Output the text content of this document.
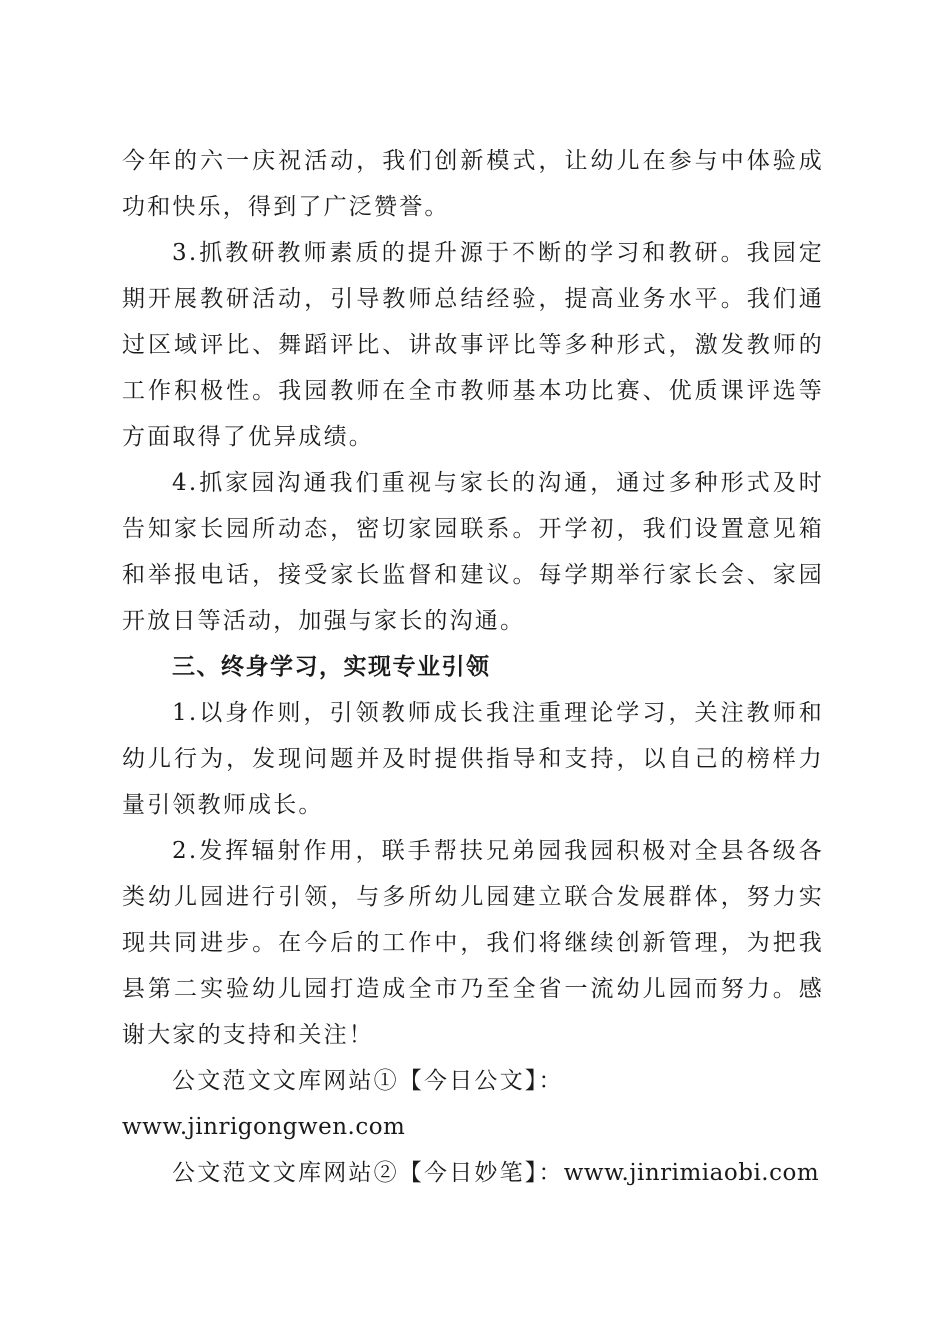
今年的六一庆祝活动，我们创新模式，让幼儿在参与中体验成功和快乐，得到了广泛赞誉。

3.抓教研教师素质的提升源于不断的学习和教研。我园定期开展教研活动，引导教师总结经验，提高业务水平。我们通过区域评比、舞蹈评比、讲故事评比等多种形式，激发教师的工作积极性。我园教师在全市教师基本功比赛、优质课评选等方面取得了优异成绩。

4.抓家园沟通我们重视与家长的沟通，通过多种形式及时告知家长园所动态，密切家园联系。开学初，我们设置意见箱和举报电话，接受家长监督和建议。每学期举行家长会、家园开放日等活动，加强与家长的沟通。

三、终身学习，实现专业引领

1.以身作则，引领教师成长我注重理论学习，关注教师和幼儿行为，发现问题并及时提供指导和支持，以自己的榜样力量引领教师成长。

2.发挥辐射作用，联手帮扶兄弟园我园积极对全县各级各类幼儿园进行引领，与多所幼儿园建立联合发展群体，努力实现共同进步。在今后的工作中，我们将继续创新管理，为把我县第二实验幼儿园打造成全市乃至全省一流幼儿园而努力。感谢大家的支持和关注！

公文范文文库网站①【今日公文】：

www.jinrigongwen.com

公文范文文库网站②【今日妙笔】：www.jinrimiaobi.com
